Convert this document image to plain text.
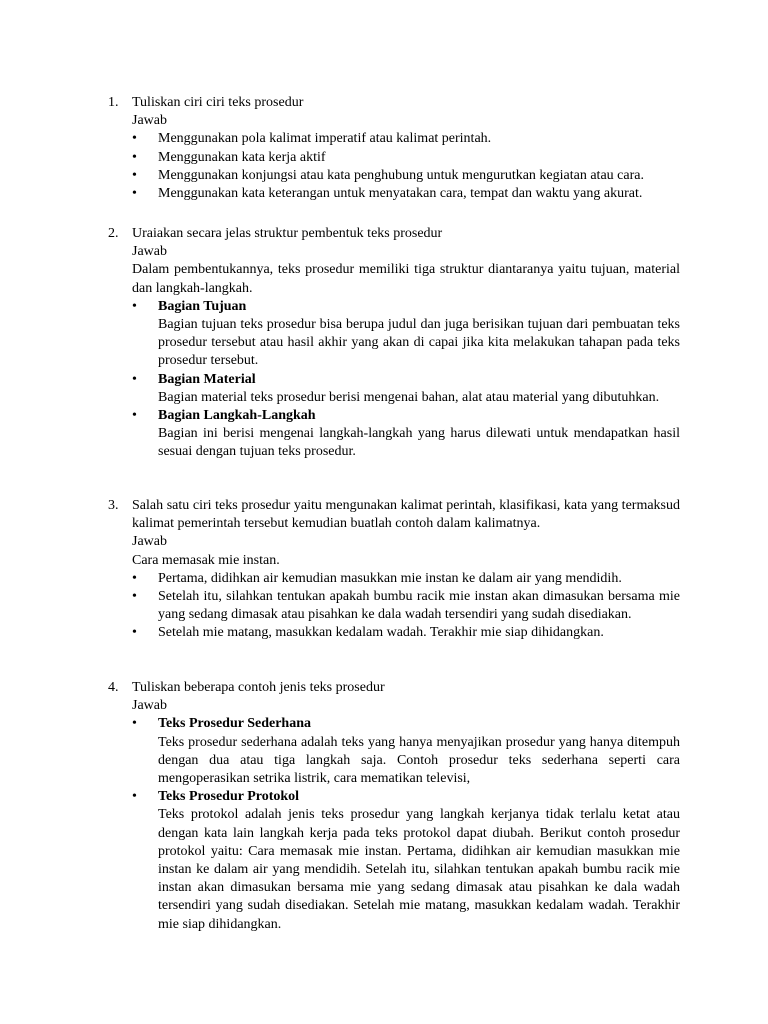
1. Tuliskan ciri ciri teks prosedur
Jawab
•
Menggunakan pola kalimat imperatif atau kalimat perintah.
•
Menggunakan kata kerja aktif
•
Menggunakan konjungsi atau kata penghubung untuk mengurutkan kegiatan atau cara.
•
Menggunakan kata keterangan untuk menyatakan cara, tempat dan waktu yang akurat.
2. Uraiakan secara jelas struktur pembentuk teks prosedur
Jawab

Dalam pembentukannya, teks prosedur memiliki tiga struktur diantaranya yaitu tujuan, material dan langkah-langkah.

•
Bagian Tujuan

Bagian tujuan teks prosedur bisa berupa judul dan juga berisikan tujuan dari pembuatan teks prosedur tersebut atau hasil akhir yang akan di capai jika kita melakukan tahapan pada teks prosedur tersebut.

•
Bagian Material

Bagian material teks prosedur berisi mengenai bahan, alat atau material yang dibutuhkan.

•
Bagian Langkah-Langkah

Bagian ini berisi mengenai langkah-langkah yang harus dilewati untuk mendapatkan hasil sesuai dengan tujuan teks prosedur.

3. Salah satu ciri teks prosedur yaitu mengunakan kalimat perintah, klasifikasi, kata yang termaksud kalimat pemerintah tersebut kemudian buatlah contoh dalam kalimatnya.

Jawab
Cara memasak mie instan.
•

Pertama, didihkan air kemudian masukkan mie instan ke dalam air yang mendidih.

•

Setelah itu, silahkan tentukan apakah bumbu racik mie instan akan dimasukan bersama mie yang sedang dimasak atau pisahkan ke dala wadah tersendiri yang sudah disediakan.

•

Setelah mie matang, masukkan kedalam wadah. Terakhir mie siap dihidangkan.

4. Tuliskan beberapa contoh jenis teks prosedur
Jawab
•
Teks Prosedur Sederhana

Teks prosedur sederhana adalah teks yang hanya menyajikan prosedur yang hanya ditempuh dengan dua atau tiga langkah saja. Contoh prosedur teks sederhana seperti cara mengoperasikan setrika listrik, cara mematikan televisi,

•
Teks Prosedur Protokol

Teks protokol adalah jenis teks prosedur yang langkah kerjanya tidak terlalu ketat atau dengan kata lain langkah kerja pada teks protokol dapat diubah. Berikut contoh prosedur protokol yaitu: Cara memasak mie instan. Pertama, didihkan air kemudian masukkan mie instan ke dalam air yang mendidih. Setelah itu, silahkan tentukan apakah bumbu racik mie instan akan dimasukan bersama mie yang sedang dimasak atau pisahkan ke dala wadah tersendiri yang sudah disediakan. Setelah mie matang, masukkan kedalam wadah. Terakhir mie siap dihidangkan.
